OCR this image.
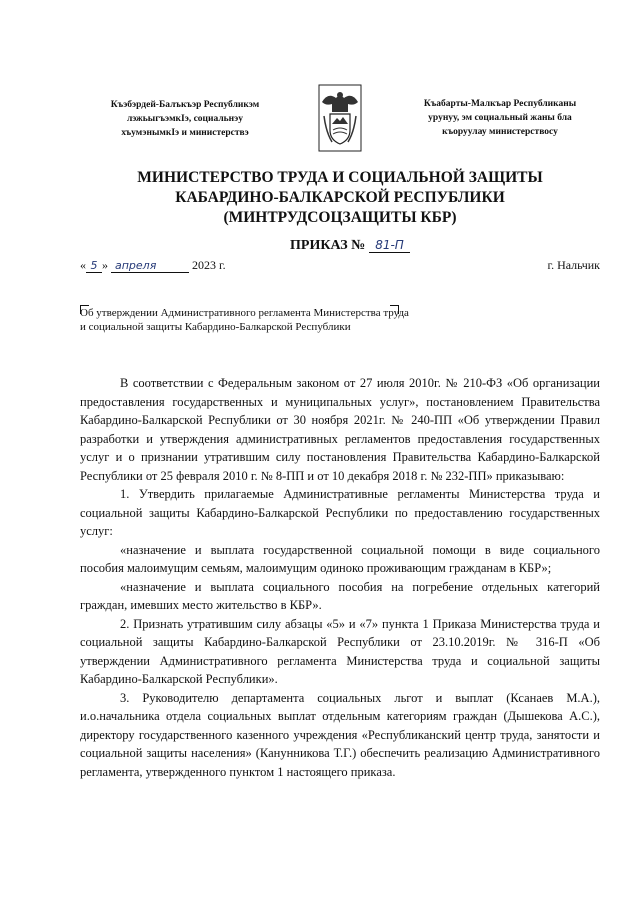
Къэбэрдей-Балъкъэр Республикэм
лэжьыгъэмкIэ, социальнэу
хъумэнымкIэ и министерствэ
Къабарты-Малкъар Республиканы
урунуу, эм социальный жаны бла
къоруулау министерствосу
МИНИСТЕРСТВО ТРУДА И СОЦИАЛЬНОЙ ЗАЩИТЫ
КАБАРДИНО-БАЛКАРСКОЙ РЕСПУБЛИКИ
(МИНТРУДСОЦЗАЩИТЫ КБР)
ПРИКАЗ № 81-П
« 5 » апреля	2023 г.	г. Нальчик
Об утверждении Административного регламента Министерства труда
и социальной защиты Кабардино-Балкарской Республики

В соответствии с Федеральным законом от 27 июля 2010г. № 210-ФЗ «Об организации предоставления государственных и муниципальных услуг», постановлением Правительства Кабардино-Балкарской Республики от 30 ноября 2021г. № 240-ПП «Об утверждении Правил разработки и утверждения административных регламентов предоставления государственных услуг и о признании утратившим силу постановления Правительства Кабардино-Балкарской Республики от 25 февраля 2010 г. № 8-ПП и от 10 декабря 2018 г. № 232-ПП» приказываю:

1. Утвердить прилагаемые Административные регламенты Министерства труда и социальной защиты Кабардино-Балкарской Республики по предоставлению государственных услуг:

«назначение и выплата государственной социальной помощи в виде социального пособия малоимущим семьям, малоимущим одиноко проживающим гражданам в КБР»;

«назначение и выплата социального пособия на погребение отдельных категорий граждан, имевших место жительство в КБР».

2. Признать утратившим силу абзацы «5» и «7» пункта 1 Приказа Министерства труда и социальной защиты Кабардино-Балкарской Республики от 23.10.2019г. № 316-П «Об утверждении Административного регламента Министерства труда и социальной защиты Кабардино-Балкарской Республики».

3. Руководителю департамента социальных льгот и выплат (Ксанаев М.А.), и.о.начальника отдела социальных выплат отдельным категориям граждан (Дышекова А.С.), директору государственного казенного учреждения «Республиканский центр труда, занятости и социальной защиты населения» (Канунникова Т.Г.) обеспечить реализацию Административного регламента, утвержденного пунктом 1 настоящего приказа.
